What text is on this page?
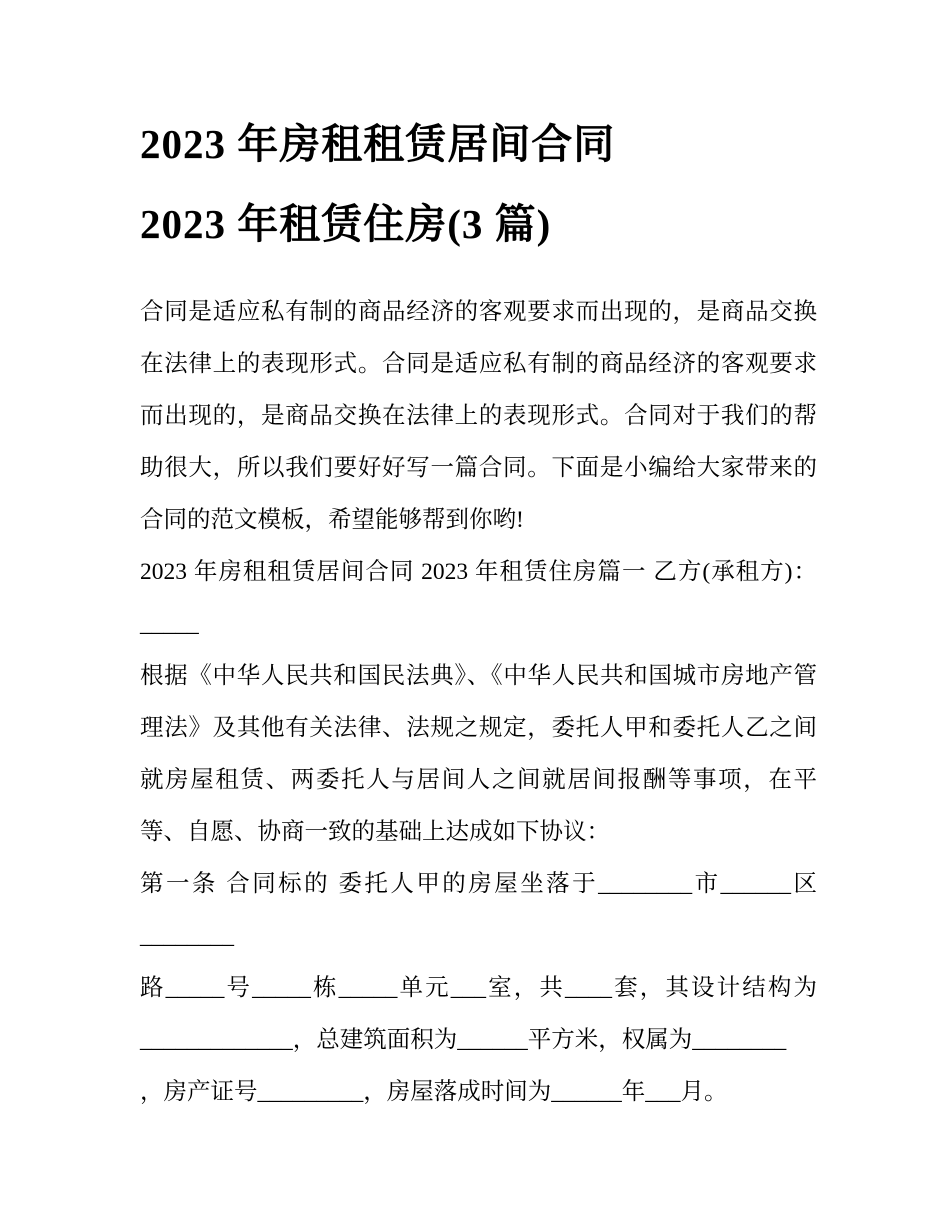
2023 年房租租赁居间合同
2023 年租赁住房(3 篇)

合同是适应私有制的商品经济的客观要求而出现的，是商品交换在法律上的表现形式。合同是适应私有制的商品经济的客观要求而出现的，是商品交换在法律上的表现形式。合同对于我们的帮助很大，所以我们要好好写一篇合同。下面是小编给大家带来的合同的范文模板，希望能够帮到你哟!

2023 年房租租赁居间合同 2023 年租赁住房篇一 乙方(承租方)：_____

根据《中华人民共和国民法典》、《中华人民共和国城市房地产管理法》及其他有关法律、法规之规定，委托人甲和委托人乙之间就房屋租赁、两委托人与居间人之间就居间报酬等事项，在平等、自愿、协商一致的基础上达成如下协议：

第一条 合同标的 委托人甲的房屋坐落于________市______区________

路_____号_____栋_____单元___室，共____套，其设计结构为_____________，总建筑面积为______平方米，权属为________

，房产证号_________，房屋落成时间为______年___月。
